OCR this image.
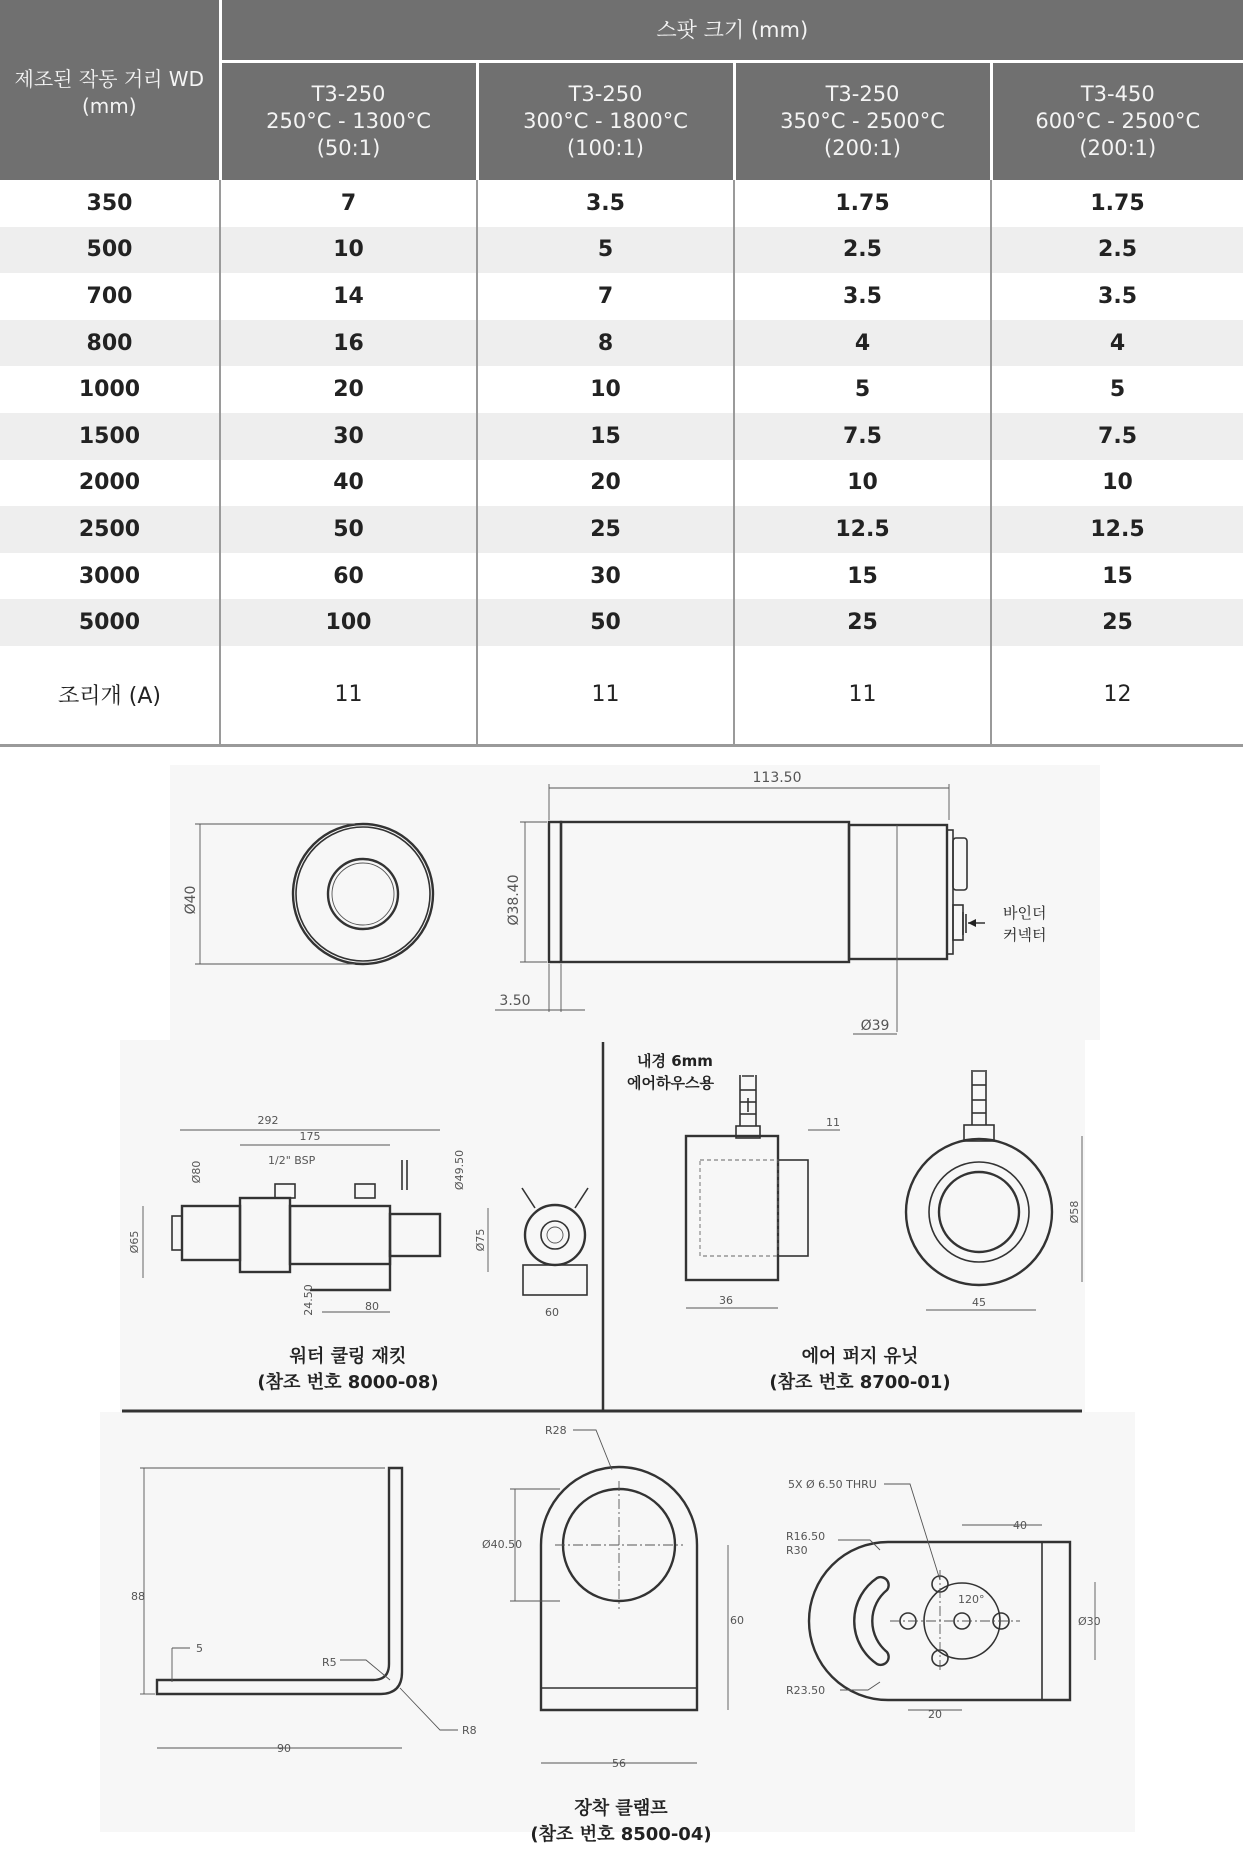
제조된 작동 거리 WD
(mm)	스팟 크기 (mm)			
	T3-250
250°C - 1300°C
(50:1)	T3-250
300°C - 1800°C
(100:1)	T3-250
350°C - 2500°C
(200:1)	T3-450
600°C - 2500°C
(200:1)
350	7	3.5	1.75	1.75
500	10	5	2.5	2.5
700	14	7	3.5	3.5
800	16	8	4	4
1000	20	10	5	5
1500	30	15	7.5	7.5
2000	40	20	10	10
2500	50	25	12.5	12.5
3000	60	30	15	15
5000	100	50	25	25
조리개 (A)	11	11	11	12
Ø40
113.50
Ø38.40
3.50
Ø39
바인더
커넥터
292
175
1/2" BSP
Ø80	Ø49.50
Ø65	Ø75
24.50	80	60
워터 쿨링 재킷
(참조 번호 8000-08)
내경 6mm
에어하우스용
11
36
Ø58
45
에어 퍼지 유닛
(참조 번호 8700-01)
88
5
R5
R8
90
R28
Ø40.50
60
56
5X Ø 6.50 THRU
R16.50
R30
40
120°
Ø30
R23.50
20
장착 클램프
(참조 번호 8500-04)
